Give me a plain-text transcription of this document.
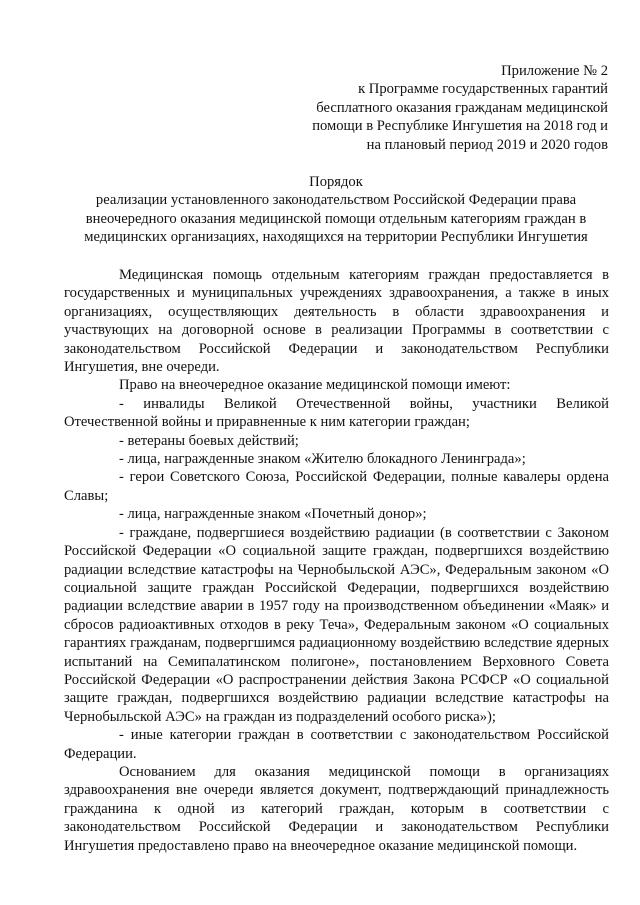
Приложение № 2
к Программе государственных гарантий
бесплатного оказания гражданам медицинской
помощи в Республике Ингушетия на 2018 год и
на плановый период 2019 и 2020 годов
Порядок
реализации установленного законодательством Российской Федерации права
внеочередного оказания медицинской помощи отдельным категориям граждан в
медицинских организациях, находящихся на территории Республики Ингушетия

Медицинская помощь отдельным категориям граждан предоставляется в государственных и муниципальных учреждениях здравоохранения, а также в иных организациях, осуществляющих деятельность в области здравоохранения и участвующих на договорной основе в реализации Программы в соответствии с законодательством Российской Федерации и законодательством Республики Ингушетия, вне очереди.

Право на внеочередное оказание медицинской помощи имеют:

- инвалиды Великой Отечественной войны, участники Великой Отечественной войны и приравненные к ним категории граждан;

- ветераны боевых действий;

- лица, награжденные знаком «Жителю блокадного Ленинграда»;

- герои Советского Союза, Российской Федерации, полные кавалеры ордена Славы;

- лица, награжденные знаком «Почетный донор»;

- граждане, подвергшиеся воздействию радиации (в соответствии с Законом Российской Федерации «О социальной защите граждан, подвергшихся воздействию радиации вследствие катастрофы на Чернобыльской АЭС», Федеральным законом «О социальной защите граждан Российской Федерации, подвергшихся воздействию радиации вследствие аварии в 1957 году на производственном объединении «Маяк» и сбросов радиоактивных отходов в реку Теча», Федеральным законом «О социальных гарантиях гражданам, подвергшимся радиационному воздействию вследствие ядерных испытаний на Семипалатинском полигоне», постановлением Верховного Совета Российской Федерации «О распространении действия Закона РСФСР «О социальной защите граждан, подвергшихся воздействию радиации вследствие катастрофы на Чернобыльской АЭС» на граждан из подразделений особого риска»);

- иные категории граждан в соответствии с законодательством Российской Федерации.

Основанием для оказания медицинской помощи в организациях здравоохранения вне очереди является документ, подтверждающий принадлежность гражданина к одной из категорий граждан, которым в соответствии с законодательством Российской Федерации и законодательством Республики Ингушетия предоставлено право на внеочередное оказание медицинской помощи.
